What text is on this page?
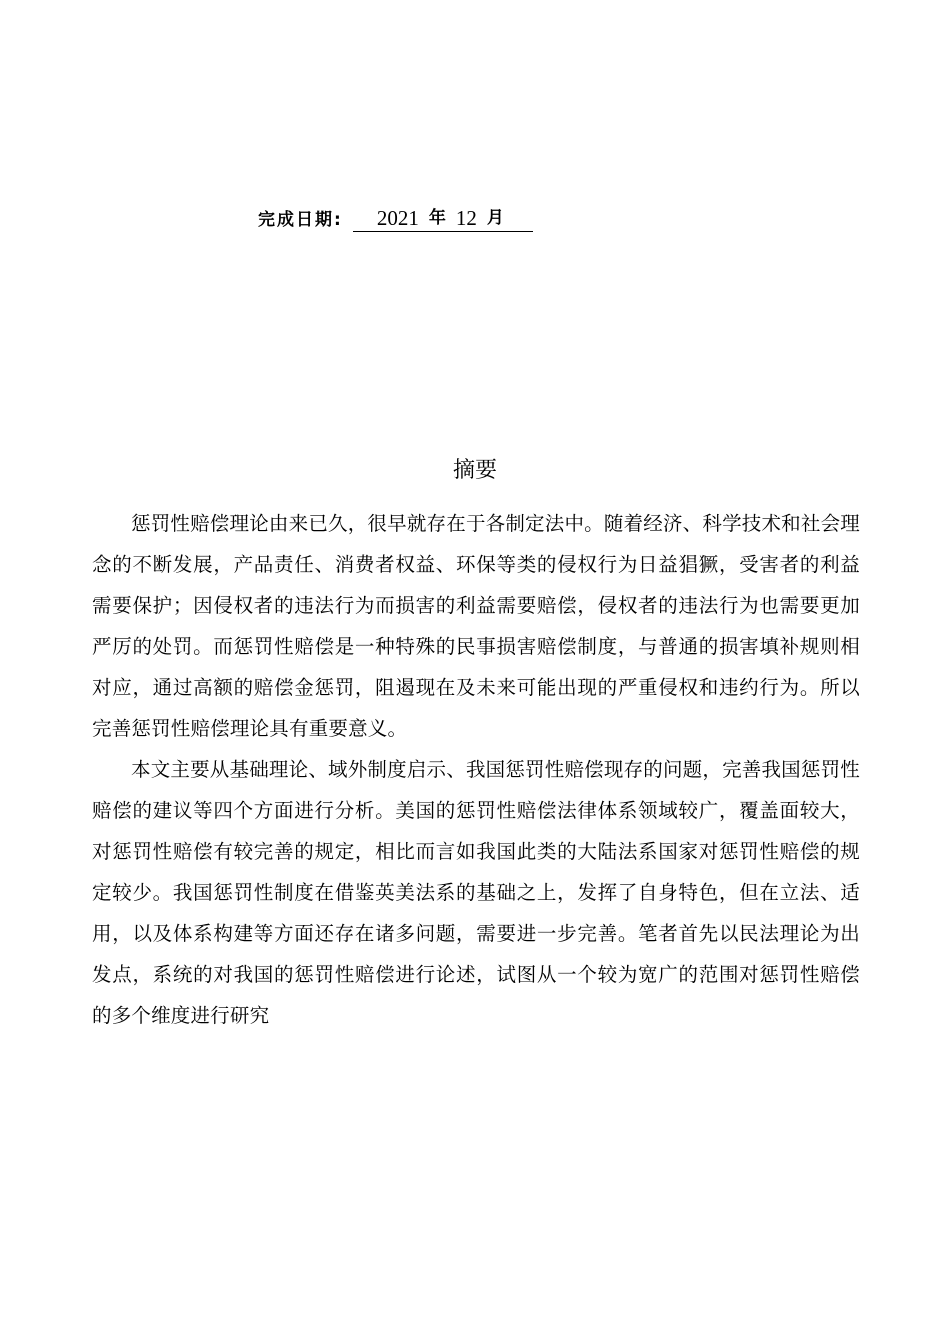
完成日期: 2021 年 12 月
摘要

惩罚性赔偿理论由来已久，很早就存在于各制定法中。随着经济、科学技术和社会理念的不断发展，产品责任、消费者权益、环保等类的侵权行为日益猖獗，受害者的利益需要保护；因侵权者的违法行为而损害的利益需要赔偿，侵权者的违法行为也需要更加严厉的处罚。而惩罚性赔偿是一种特殊的民事损害赔偿制度，与普通的损害填补规则相对应，通过高额的赔偿金惩罚，阻遏现在及未来可能出现的严重侵权和违约行为。所以完善惩罚性赔偿理论具有重要意义。

本文主要从基础理论、域外制度启示、我国惩罚性赔偿现存的问题，完善我国惩罚性赔偿的建议等四个方面进行分析。美国的惩罚性赔偿法律体系领域较广，覆盖面较大，对惩罚性赔偿有较完善的规定，相比而言如我国此类的大陆法系国家对惩罚性赔偿的规定较少。我国惩罚性制度在借鉴英美法系的基础之上，发挥了自身特色，但在立法、适用，以及体系构建等方面还存在诸多问题，需要进一步完善。笔者首先以民法理论为出发点，系统的对我国的惩罚性赔偿进行论述，试图从一个较为宽广的范围对惩罚性赔偿的多个维度进行研究
